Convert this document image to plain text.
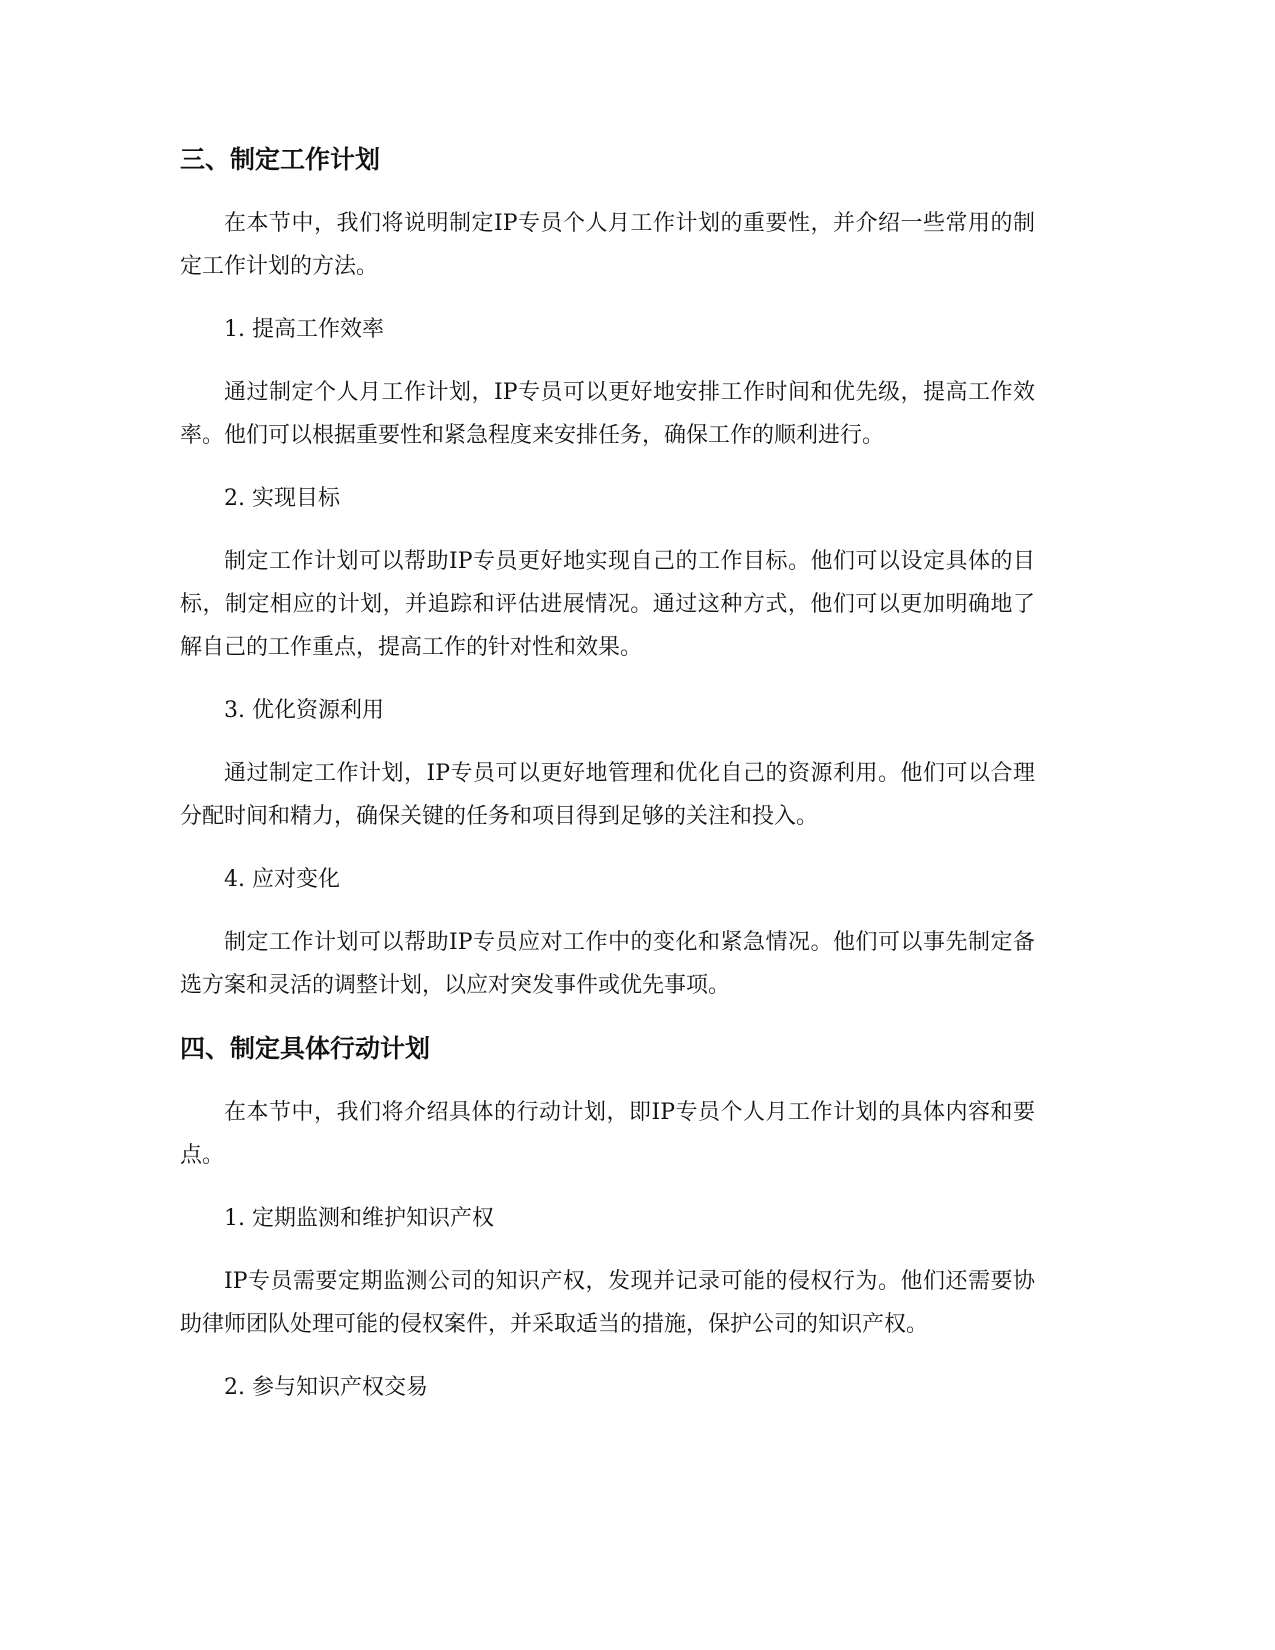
三、制定工作计划

在本节中，我们将说明制定IP专员个人月工作计划的重要性，并介绍一些常用的制定工作计划的方法。

1. 提高工作效率

通过制定个人月工作计划，IP专员可以更好地安排工作时间和优先级，提高工作效率。他们可以根据重要性和紧急程度来安排任务，确保工作的顺利进行。

2. 实现目标

制定工作计划可以帮助IP专员更好地实现自己的工作目标。他们可以设定具体的目标，制定相应的计划，并追踪和评估进展情况。通过这种方式，他们可以更加明确地了解自己的工作重点，提高工作的针对性和效果。

3. 优化资源利用

通过制定工作计划，IP专员可以更好地管理和优化自己的资源利用。他们可以合理分配时间和精力，确保关键的任务和项目得到足够的关注和投入。

4. 应对变化

制定工作计划可以帮助IP专员应对工作中的变化和紧急情况。他们可以事先制定备选方案和灵活的调整计划，以应对突发事件或优先事项。

四、制定具体行动计划

在本节中，我们将介绍具体的行动计划，即IP专员个人月工作计划的具体内容和要点。

1. 定期监测和维护知识产权

IP专员需要定期监测公司的知识产权，发现并记录可能的侵权行为。他们还需要协助律师团队处理可能的侵权案件，并采取适当的措施，保护公司的知识产权。

2. 参与知识产权交易
